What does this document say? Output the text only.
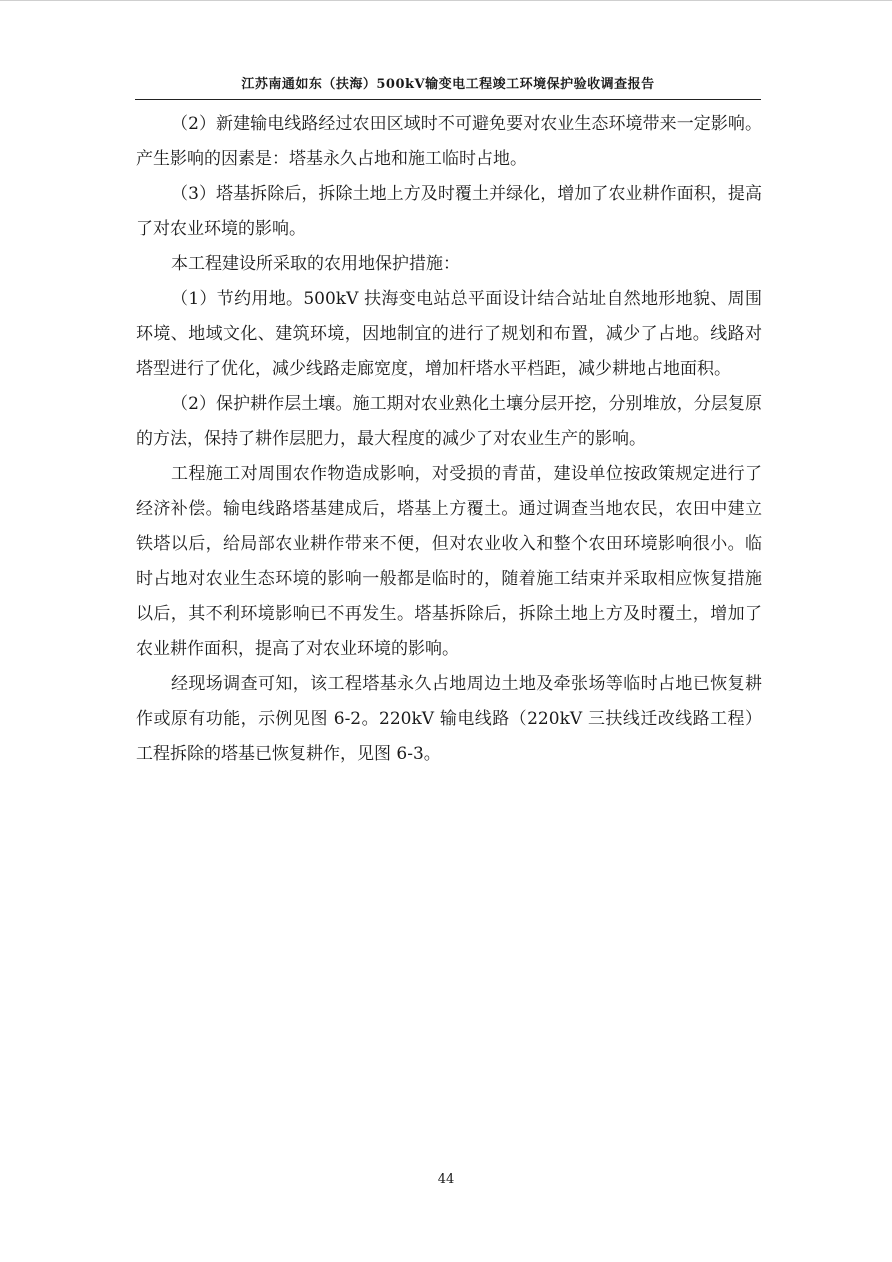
江苏南通如东（扶海）500kV输变电工程竣工环境保护验收调查报告

（2）新建输电线路经过农田区域时不可避免要对农业生态环境带来一定影响。产生影响的因素是：塔基永久占地和施工临时占地。

（3）塔基拆除后，拆除土地上方及时覆土并绿化，增加了农业耕作面积，提高了对农业环境的影响。

本工程建设所采取的农用地保护措施：

（1）节约用地。500kV 扶海变电站总平面设计结合站址自然地形地貌、周围环境、地域文化、建筑环境，因地制宜的进行了规划和布置，减少了占地。线路对塔型进行了优化，减少线路走廊宽度，增加杆塔水平档距，减少耕地占地面积。

（2）保护耕作层土壤。施工期对农业熟化土壤分层开挖，分别堆放，分层复原的方法，保持了耕作层肥力，最大程度的减少了对农业生产的影响。

工程施工对周围农作物造成影响，对受损的青苗，建设单位按政策规定进行了经济补偿。输电线路塔基建成后，塔基上方覆土。通过调查当地农民，农田中建立铁塔以后，给局部农业耕作带来不便，但对农业收入和整个农田环境影响很小。临时占地对农业生态环境的影响一般都是临时的，随着施工结束并采取相应恢复措施以后，其不利环境影响已不再发生。塔基拆除后，拆除土地上方及时覆土，增加了农业耕作面积，提高了对农业环境的影响。

经现场调查可知，该工程塔基永久占地周边土地及牵张场等临时占地已恢复耕作或原有功能，示例见图 6-2。220kV 输电线路（220kV 三扶线迁改线路工程）工程拆除的塔基已恢复耕作，见图 6-3。

44
